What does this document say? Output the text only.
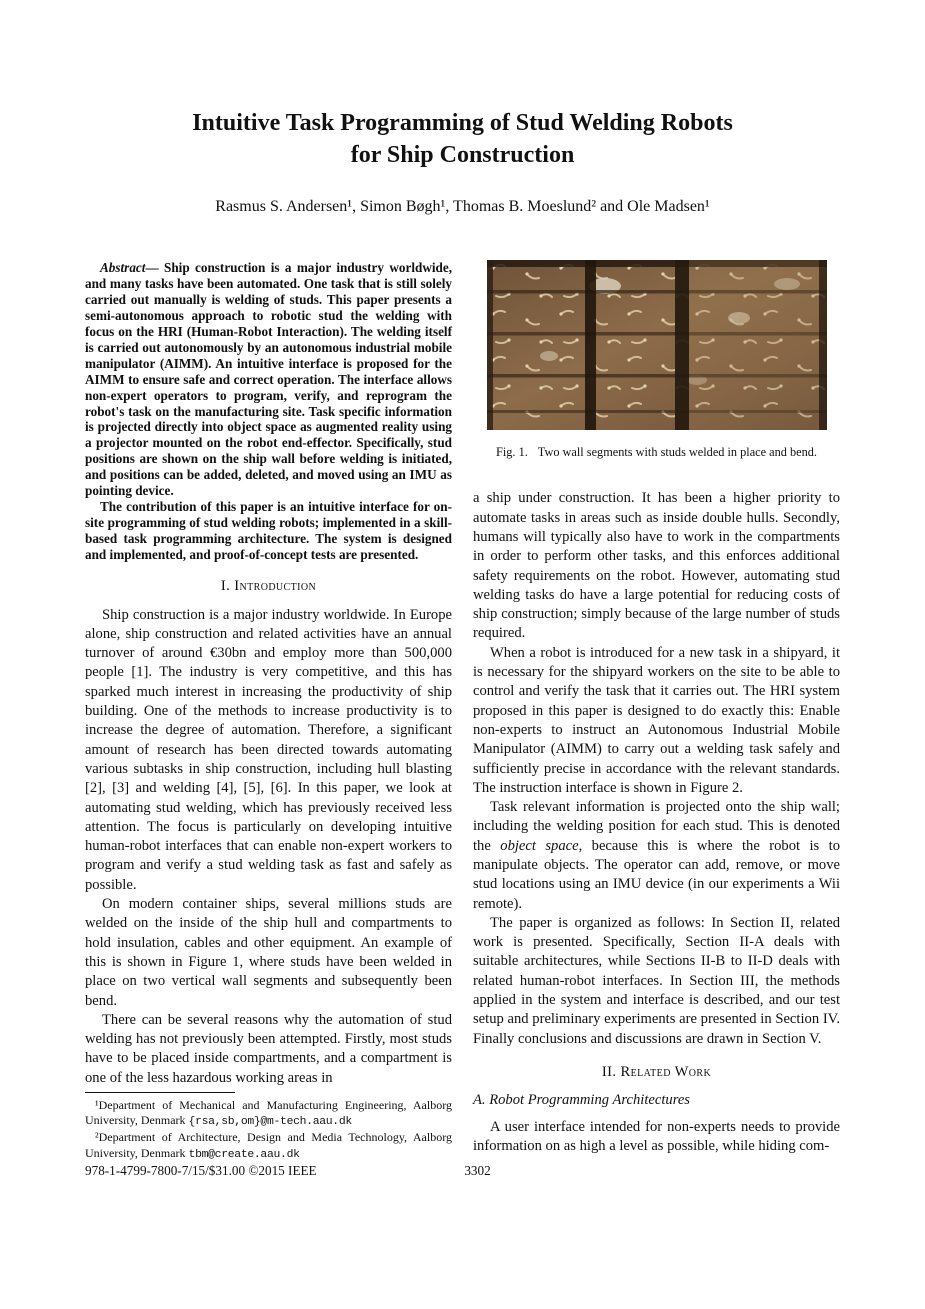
Intuitive Task Programming of Stud Welding Robots
for Ship Construction
Rasmus S. Andersen¹, Simon Bøgh¹, Thomas B. Moeslund² and Ole Madsen¹

Abstract— Ship construction is a major industry worldwide, and many tasks have been automated. One task that is still solely carried out manually is welding of studs. This paper presents a semi-autonomous approach to robotic stud the welding with focus on the HRI (Human-Robot Interaction). The welding itself is carried out autonomously by an autonomous industrial mobile manipulator (AIMM). An intuitive interface is proposed for the AIMM to ensure safe and correct operation. The interface allows non-expert operators to program, verify, and reprogram the robot's task on the manufacturing site. Task specific information is projected directly into object space as augmented reality using a projector mounted on the robot end-effector. Specifically, stud positions are shown on the ship wall before welding is initiated, and positions can be added, deleted, and moved using an IMU as pointing device.

The contribution of this paper is an intuitive interface for on-site programming of stud welding robots; implemented in a skill-based task programming architecture. The system is designed and implemented, and proof-of-concept tests are presented.

I. Introduction

Ship construction is a major industry worldwide. In Europe alone, ship construction and related activities have an annual turnover of around €30bn and employ more than 500,000 people [1]. The industry is very competitive, and this has sparked much interest in increasing the productivity of ship building. One of the methods to increase productivity is to increase the degree of automation. Therefore, a significant amount of research has been directed towards automating various subtasks in ship construction, including hull blasting [2], [3] and welding [4], [5], [6]. In this paper, we look at automating stud welding, which has previously received less attention. The focus is particularly on developing intuitive human-robot interfaces that can enable non-expert workers to program and verify a stud welding task as fast and safely as possible.

On modern container ships, several millions studs are welded on the inside of the ship hull and compartments to hold insulation, cables and other equipment. An example of this is shown in Figure 1, where studs have been welded in place on two vertical wall segments and subsequently been bend.

There can be several reasons why the automation of stud welding has not previously been attempted. Firstly, most studs have to be placed inside compartments, and a compartment is one of the less hazardous working areas in

¹Department of Mechanical and Manufacturing Engineering, Aalborg University, Denmark {rsa,sb,om}@m-tech.aau.dk

²Department of Architecture, Design and Media Technology, Aalborg University, Denmark tbm@create.aau.dk

Fig. 1. Two wall segments with studs welded in place and bend.

a ship under construction. It has been a higher priority to automate tasks in areas such as inside double hulls. Secondly, humans will typically also have to work in the compartments in order to perform other tasks, and this enforces additional safety requirements on the robot. However, automating stud welding tasks do have a large potential for reducing costs of ship construction; simply because of the large number of studs required.

When a robot is introduced for a new task in a shipyard, it is necessary for the shipyard workers on the site to be able to control and verify the task that it carries out. The HRI system proposed in this paper is designed to do exactly this: Enable non-experts to instruct an Autonomous Industrial Mobile Manipulator (AIMM) to carry out a welding task safely and sufficiently precise in accordance with the relevant standards. The instruction interface is shown in Figure 2.

Task relevant information is projected onto the ship wall; including the welding position for each stud. This is denoted the object space, because this is where the robot is to manipulate objects. The operator can add, remove, or move stud locations using an IMU device (in our experiments a Wii remote).

The paper is organized as follows: In Section II, related work is presented. Specifically, Section II-A deals with suitable architectures, while Sections II-B to II-D deals with related human-robot interfaces. In Section III, the methods applied in the system and interface is described, and our test setup and preliminary experiments are presented in Section IV. Finally conclusions and discussions are drawn in Section V.

II. Related Work
A. Robot Programming Architectures

A user interface intended for non-experts needs to provide information on as high a level as possible, while hiding com-

3302
978-1-4799-7800-7/15/$31.00 ©2015 IEEE
